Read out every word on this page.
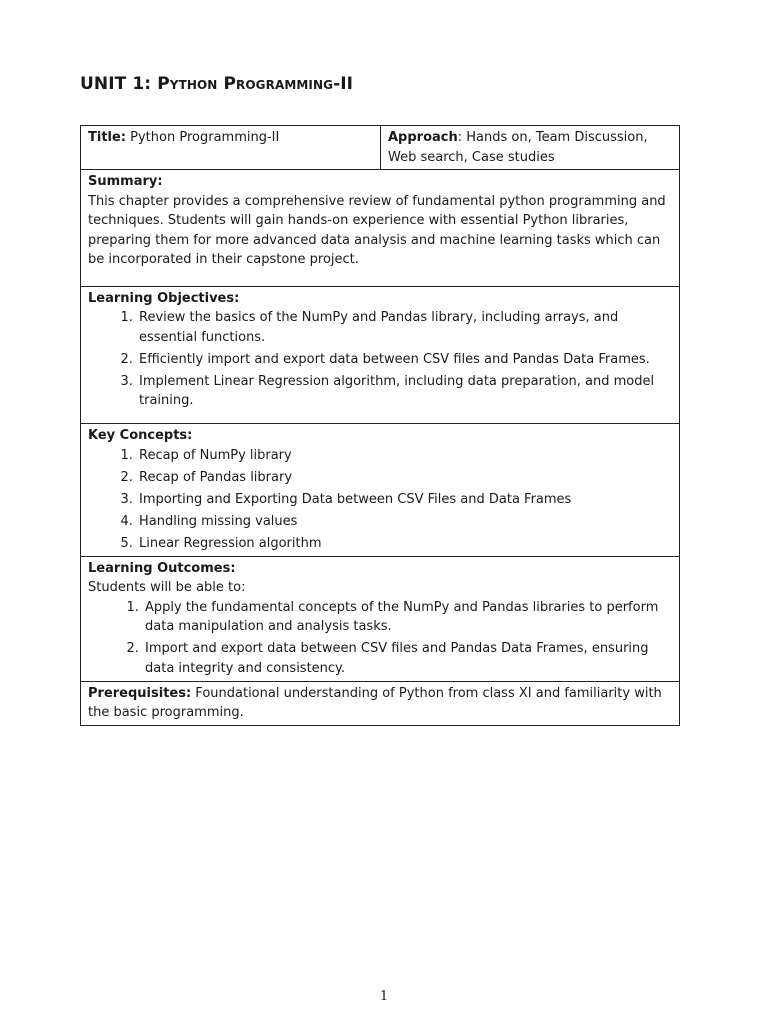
UNIT 1: Python Programming-II
Title: Python Programming-II	Approach: Hands on, Team Discussion, Web search, Case studies

Summary:
This chapter provides a comprehensive review of fundamental python programming and techniques. Students will gain hands-on experience with essential Python libraries, preparing them for more advanced data analysis and machine learning tasks which can be incorporated in their capstone project.

Learning Objectives:
1. Review the basics of the NumPy and Pandas library, including arrays, and essential functions.
2. Efficiently import and export data between CSV files and Pandas Data Frames.
3. Implement Linear Regression algorithm, including data preparation, and model training.

Key Concepts:
1. Recap of NumPy library
2. Recap of Pandas library
3. Importing and Exporting Data between CSV Files and Data Frames
4. Handling missing values
5. Linear Regression algorithm

Learning Outcomes:
Students will be able to:
1. Apply the fundamental concepts of the NumPy and Pandas libraries to perform data manipulation and analysis tasks.
2. Import and export data between CSV files and Pandas Data Frames, ensuring data integrity and consistency.

Prerequisites: Foundational understanding of Python from class XI and familiarity with the basic programming.
1
